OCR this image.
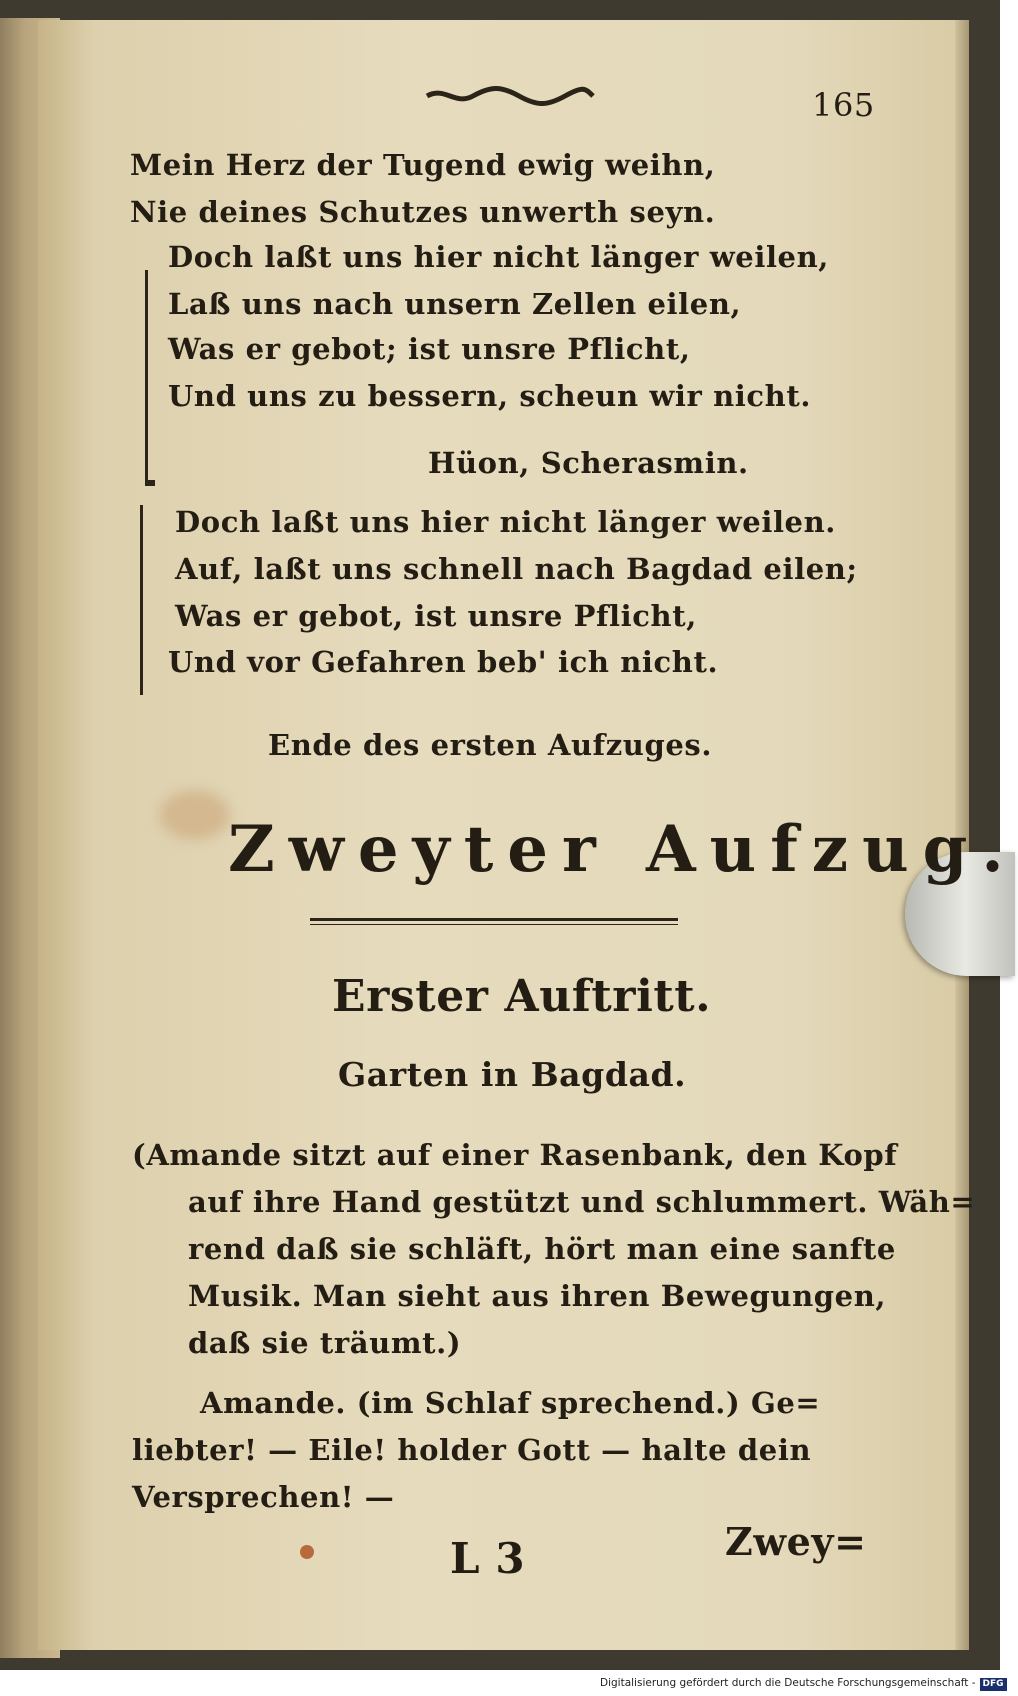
165
Mein Herz der Tugend ewig weihn,
Nie deines Schutzes unwerth seyn.
Doch laßt uns hier nicht länger weilen,
Laß uns nach unsern Zellen eilen,
Was er gebot; ist unsre Pflicht,
Und uns zu bessern, scheun wir nicht.
Hüon, Scherasmin.
Doch laßt uns hier nicht länger weilen.
Auf, laßt uns schnell nach Bagdad eilen;
Was er gebot, ist unsre Pflicht,
Und vor Gefahren beb' ich nicht.
Ende des ersten Aufzuges.
Zweyter Aufzug.
Erster Auftritt.
Garten in Bagdad.
(Amande sitzt auf einer Rasenbank, den Kopf
auf ihre Hand gestützt und schlummert. Wäh=
rend daß sie schläft, hört man eine sanfte
Musik. Man sieht aus ihren Bewegungen,
daß sie träumt.)
Amande. (im Schlaf sprechend.) Ge=
liebter! — Eile! holder Gott — halte dein
Versprechen! —
L 3	Zwey=
Digitalisierung gefördert durch die Deutsche Forschungsgemeinschaft - DFG
